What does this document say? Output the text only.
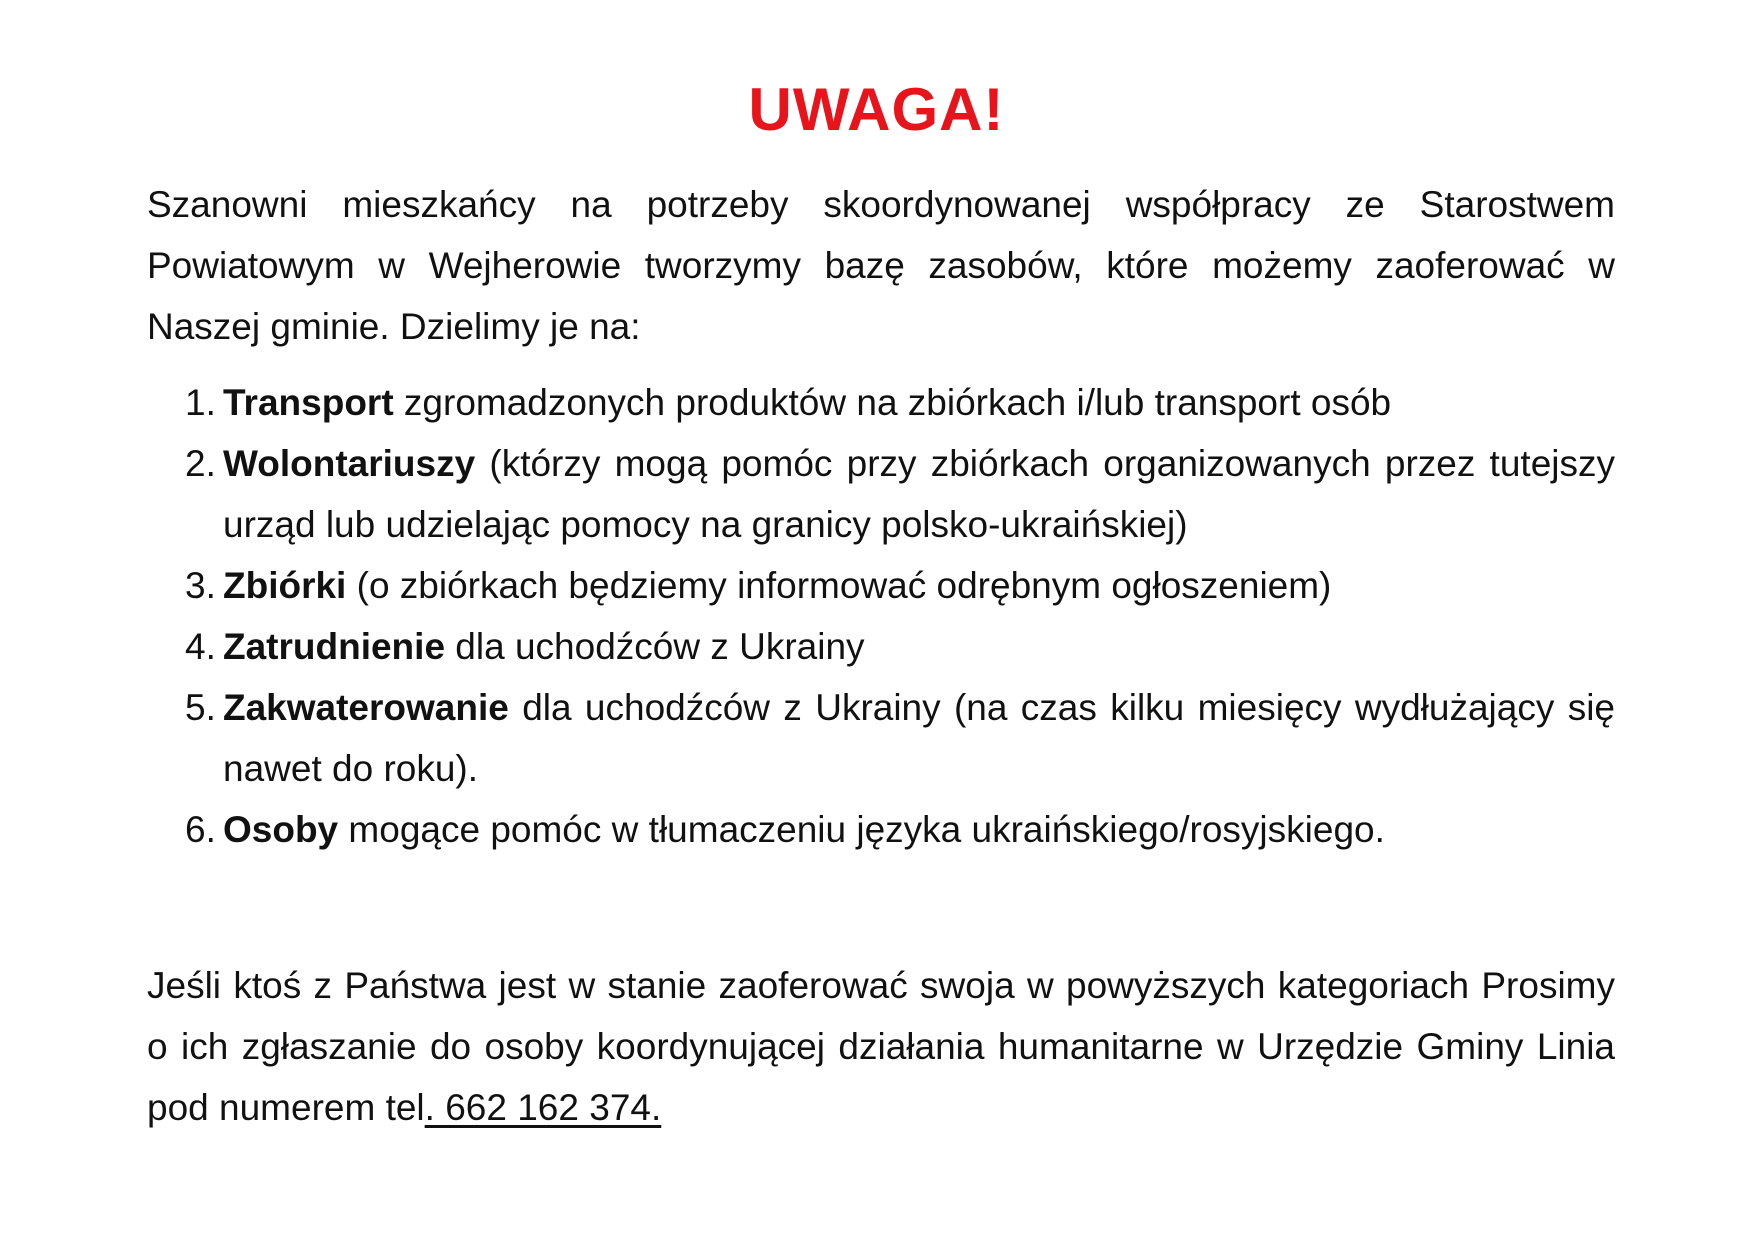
UWAGA!
Szanowni mieszkańcy na potrzeby skoordynowanej współpracy ze Starostwem Powiatowym w Wejherowie tworzymy bazę zasobów, które możemy zaoferować w Naszej gminie. Dzielimy je na:
1. Transport zgromadzonych produktów na zbiórkach i/lub transport osób
2. Wolontariuszy (którzy mogą pomóc przy zbiórkach organizowanych przez tutejszy urząd lub udzielając pomocy na granicy polsko-ukraińskiej)
3. Zbiórki (o zbiórkach będziemy informować odrębnym ogłoszeniem)
4. Zatrudnienie dla uchodźców z Ukrainy
5. Zakwaterowanie dla uchodźców z Ukrainy (na czas kilku miesięcy wydłużający się nawet do roku).
6. Osoby mogące pomóc w tłumaczeniu języka ukraińskiego/rosyjskiego.
Jeśli ktoś z Państwa jest w stanie zaoferować swoja w powyższych kategoriach Prosimy o ich zgłaszanie do osoby koordynującej działania humanitarne w Urzędzie Gminy Linia pod numerem tel. 662 162 374.
